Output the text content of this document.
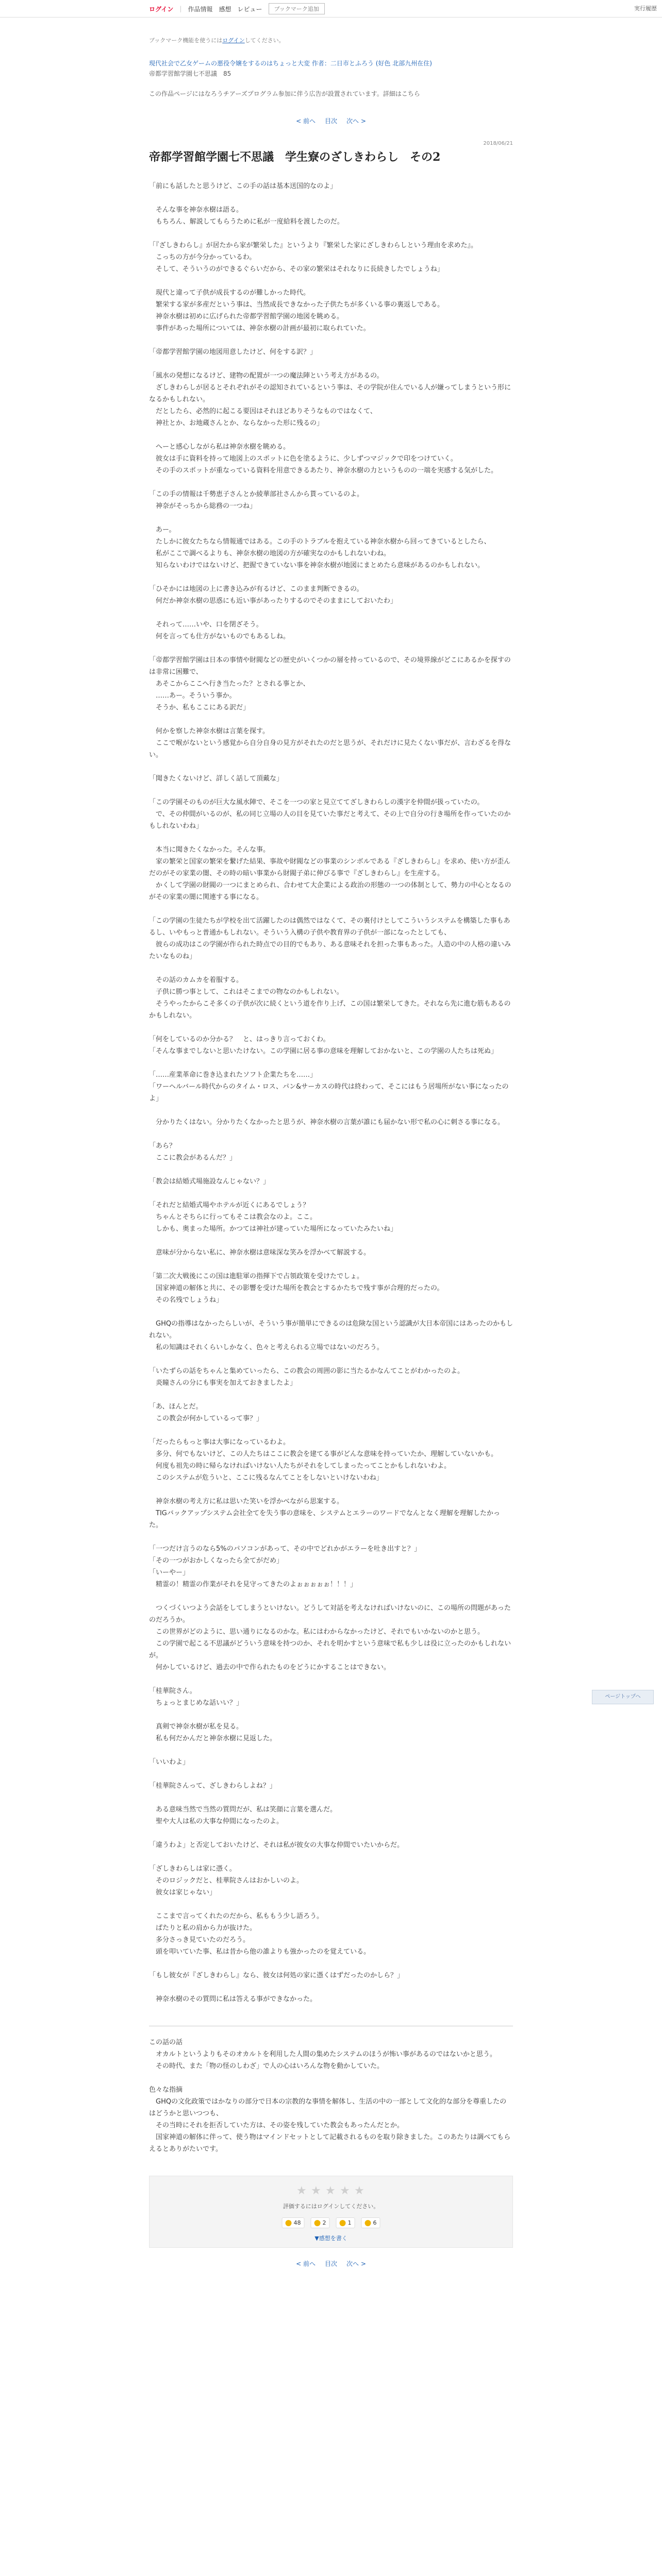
ログイン | 作品情報 感想 レビュー	ブックマーク追加	実行履歴
ブックマーク機能を使うにはログインしてください。
現代社会で乙女ゲームの悪役令嬢をするのはちょっと大変 作者：二日市とふろう (好色 北部九州在住)
帝都学習館学園七不思議　85
この作品ページにはなろうチアーズプログラム参加に伴う広告が設置されています。詳細はこちら
< 前へ 目次 次へ >
2018/06/21
帝都学習館学園七不思議　学生寮のざしきわらし　その2

「前にも話したと思うけど、この手の話は基本送国的なのよ」

　そんな事を神奈水樹は語る。

　もちろん、解説してもらうために私が一度給料を渡したのだ。

「『ざしきわらし』が居たから家が繁栄した』というより『繁栄した家にざしきわらしという理由を求めた』。

　こっちの方が今分かっているわ。

　そして、そういうのができるぐらいだから、その家の繁栄はそれなりに長続きしたでしょうね」

　現代と違って子供が成長するのが難しかった時代。

　繁栄する家が多産だという事は、当然成長できなかった子供たちが多くいる事の裏返しである。

　神奈水樹は初めに広げられた帝都学習館学園の地図を眺める。

　事件があった場所については、神奈水樹の計画が最初に取られていた。

「帝都学習館学園の地図用意したけど、何をする訳？」

「風水の発想になるけど、建物の配置が一つの魔法陣という考え方があるの。

　ざしきわらしが居るとそれぞれがその認知されているという事は、その学院が住んでいる人が嫌ってしまうという形になるかもしれない。

　だとしたら、必然的に起こる要因はそれほどありそうなものではなくて、

　神社とか、お地蔵さんとか、ならなかった形に残るの」

　へーと感心しながら私は神奈水樹を眺める。

　彼女は手に資料を持って地図上のスポットに色を塗るように、少しずつマジックで印をつけていく。

　その手のスポットが重なっている資料を用意できるあたり、神奈水樹の力というものの一端を実感する気がした。

「この手の情報は千勢恵子さんとか綾華部社さんから貰っているのよ。

　神奈がそっちから総務の一つね」

　あー。

　たしかに彼女たちなら情報通ではある。この手のトラブルを抱えている神奈水樹から回ってきているとしたら、

　私がここで調べるよりも、神奈水樹の地図の方が確実なのかもしれないわね。

　知らないわけではないけど、把握できていない事を神奈水樹が地図にまとめたら意味があるのかもしれない。

「ひそかには地図の上に書き込みが有るけど、このまま判断できるの。

　何だか神奈水樹の思惑にも近い事があったりするのでそのままにしておいたわ」

　それって……いや、口を閉ざそう。

　何を言っても仕方がないものでもあるしね。

「帝都学習館学園は日本の事情や財閥などの歴史がいくつかの層を持っているので、その境界線がどこにあるかを探すのは非常に困難で、

　あそこからここへ行き当たった？とされる事とか、

　……あー。そういう事か。

　そうか、私もここにある訳だ」

　何かを察した神奈水樹は言葉を探す。

　ここで喉がないという感覚から自分自身の見方がそれたのだと思うが、それだけに見たくない事だが、言わざるを得ない。

「聞きたくないけど、詳しく話して頂戴な」

「この学園そのものが巨大な風水陣で、そこを一つの家と見立ててざしきわらしの漢字を仲間が扱っていたの。

　で、その仲間がいるのが、私の同じ立場の人の目を見ていた事だと考えて、その上で自分の行き場所を作っていたのかもしれないわね」

　本当に聞きたくなかった。そんな事。

　家の繁栄と国家の繁栄を繋げた結果、事故や財閥などの事業のシンボルである『ざしきわらし』を求め、使い方が歪んだのがその家業の闇、その時の暗い事業から財閥子弟に伸びる事で『ざしきわらし』を生産する。

　かくして学園の財閥の一つにまとめられ、合わせて大企業による政治の形態の一つの体制として、勢力の中心となるのがその家業の闇に関連する事になる。

「この学園の生徒たちが学校を出て活躍したのは偶然ではなくて、その裏付けとしてこういうシステムを構築した事もあるし、いやもっと普通かもしれない。そういう入構の子供や教育界の子供が一部になったとしても、

　彼らの成功はこの学園が作られた時点での目的でもあり、ある意味それを担った事もあった。人造の中の人格の違いみたいなものね」

　その話のカムカを着服する。

　子供に勝つ事として、これはそこまでの物なのかもしれない。

　そうやったからこそ多くの子供が次に続くという道を作り上げ、この国は繁栄してきた。それなら先に進む筋もあるのかもしれない。

「何をしているのか分かる？　と、はっきり言っておくわ。

「そんな事までしないと思いたけない。この学園に居る事の意味を理解しておかないと、この学園の人たちは死ぬ」

「……産業革命に巻き込まれたソフト企業たちを……」

「ワーヘルバール時代からのタイム・ロス、パン&サーカスの時代は終わって、そこにはもう居場所がない事になったのよ」

　分かりたくはない。分かりたくなかったと思うが、神奈水樹の言葉が誰にも届かない形で私の心に刺さる事になる。

「あら？

　ここに教会があるんだ？」

「教会は結婚式場施設なんじゃない？」

「それだと結婚式場やホテルが近くにあるでしょう？

　ちゃんとそちらに行ってもそこは教会なのよ。ここ。

　しかも、奥まった場所。かつては神社が建っていた場所になっていたみたいね」

　意味が分からない私に、神奈水樹は意味深な笑みを浮かべて解説する。

「第二次大戦後にこの国は進駐軍の指揮下で占領政策を受けたでしょ。

　国家神道の解体と共に、その影響を受けた場所を教会とするかたちで残す事が合理的だったの。

　その名残でしょうね」

　GHQの指導はなかったらしいが、そういう事が簡単にできるのは危険な国という認識が大日本帝国にはあったのかもしれない。

　私の知識はそれくらいしかなく、色々と考えられる立場ではないのだろう。

「いたずらの話をちゃんと集めていったら、この教会の周囲の影に当たるかなんてことがわかったのよ。

　炎瞳さんの分にも事実を加えておきましたよ」

「あ、ほんとだ。

　この教会が何かしているって事？」

「だったらもっと事は大事になっているわよ。

　多分、何でもないけど、この人たちはここに教会を建てる事がどんな意味を持っていたか、理解していないかも。

　何度も祖先の時に帰らなければいけない人たちがそれをしてしまったってことかもしれないわよ。

　このシステムが危ういと、ここに残るなんてことをしないといけないわね」

　神奈水樹の考え方に私は思いた笑いを浮かべながら思案する。

　TIGバックアップシステム会社全てを失う事の意味を、システムとエラーのワードでなんとなく理解を理解したかった。

「一つだけ言うのなら5%のパソコンがあって、その中でどれかがエラーを吐き出すと？」

「その一つがおかしくなったら全てがだめ」

「いーやー」

　精霊の！精霊の作業がそれを見守ってきたのよぉぉぉぉぉ！！！」

　つくづくいつよう会話をしてしまうといけない。どうして対話を考えなければいけないのに、この場所の問題があったのだろうか。

　この世界がどのように、思い通りになるのかな。私にはわからなかったけど、それでもいかないのかと思う。

　この学園で起こる不思議がどういう意味を持つのか、それを明かすという意味で私も少しは役に立ったのかもしれないが。

　何かしているけど、過去の中で作られたものをどうにかすることはできない。

「桂華院さん。

　ちょっとまじめな話いい？」

　真剣で神奈水樹が私を見る。

　私も何だかんだと神奈水樹に見返した。

「いいわよ」

「桂華院さんって、ざしきわらしよね？」

　ある意味当然で当然の質問だが、私は笑顔に言葉を選んだ。

　聖や大人は私の大事な仲間になったのよ。

「違うわよ」と否定しておいたけど、それは私が彼女の大事な仲間でいたいからだ。

「ざしきわらしは家に憑く。

　そのロジックだと、桂華院さんはおかしいのよ。

　彼女は家じゃない」

　ここまで言ってくれたのだから、私ももう少し語ろう。

　ぱたりと私の肩から力が抜けた。

　多分さっき見ていたのだろう。

　頭を叩いていた事、私は昔から他の誰よりも強かったのを覚えている。

「もし彼女が『ざしきわらし』なら、彼女は何処の家に憑くはずだったのかしら？」

　神奈水樹のその質問に私は答える事ができなかった。

この話の話

　オカルトというよりもそのオカルトを利用した人間の集めたシステムのほうが怖い事があるのではないかと思う。

　その時代、また「物の怪のしわざ」で人の心はいろんな物を動かしていた。

色々な指摘

　GHQの文化政策ではかなりの部分で日本の宗教的な事情を解体し、生活の中の一部として文化的な部分を尊重したのはどうかと思いつつも、

　その当時にそれを拒否していた方は、その姿を残していた教会もあったんだとか。

　国家神道の解体に伴って、使う物はマインドセットとして記載されるものを取り除きました。このあたりは調べてもらえるとありがたいです。

★ ★ ★ ★ ★
評価するにはログインしてください。
48	2	1	6
▼感想を書く
< 前へ 目次 次へ >
ページトップへ
